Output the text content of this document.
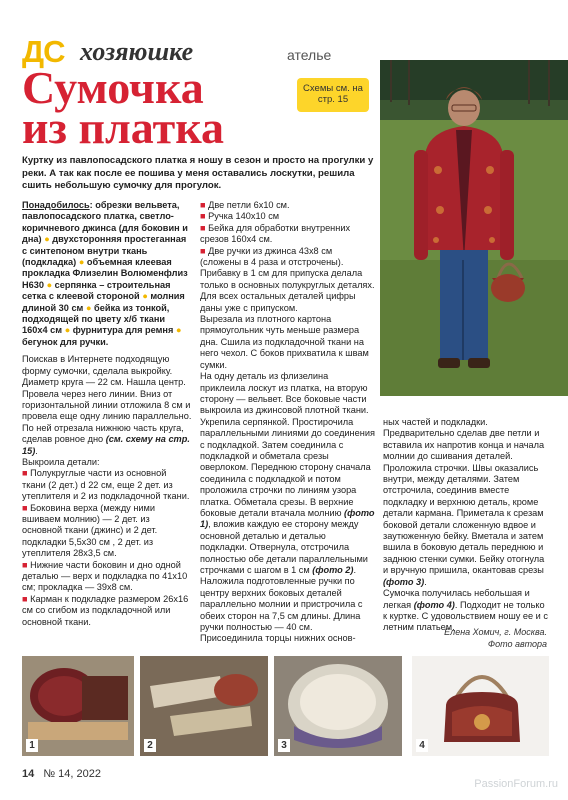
ДС хозяюшке	ателье
Сумочка
из платка
Схемы см. на стр. 15
Куртку из павлопосадского платка я ношу в сезон и просто на прогулки у реки. А так как после ее пошива у меня оставались лоскутки, решила сшить небольшую сумочку для прогулок.

Понадобилось: обрезки вельвета, павлопосадского платка, светло-коричневого джинса (для боковин и дна) ● двухсторонняя простеганная с синтепоном внутри ткань (подкладка) ● объемная клеевая прокладка Флизелин Волюменфлиз Н630 ● серпянка – строительная сетка с клеевой стороной ● молния длиной 30 см ● бейка из тонкой, подходящей по цвету х/б ткани 160х4 см ● фурнитура для ремня ● бегунок для ручки.

Поискав в Интернете подходящую форму сумочки, сделала выкройку. Диаметр круга — 22 см. Нашла центр. Провела через него линии. Вниз от горизонтальной линии отложила 8 см и провела еще одну линию параллельно. По ней отрезала нижнюю часть круга, сделав ровное дно (см. схему на стр. 15).

Выкроила детали:

■ Полукруглые части из основной ткани (2 дет.) d 22 см, еще 2 дет. из утеплителя и 2 из подкладочной ткани.

■ Боковина верха (между ними вшиваем молнию) — 2 дет. из основной ткани (джинс) и 2 дет. подкладки 5,5х30 см , 2 дет. из утеплителя 28х3,5 см.

■ Нижние части боковин и дно одной деталью — верх и подкладка по 41х10 см; прокладка — 39х8 см.

■ Карман к подкладке размером 26х16 см со сгибом из подкладочной или основной ткани.

■ Две петли 6х10 см.

■ Ручка 140х10 см

■ Бейка для обработки внутренних срезов 160х4 см.

■ Две ручки из джинса 43х8 см (сложены в 4 раза и отстрочены).

Прибавку в 1 см для припуска делала только в основных полукруглых деталях. Для всех остальных деталей цифры даны уже с припуском.

Вырезала из плотного картона прямоугольник чуть меньше размера дна. Сшила из подкладочной ткани на него чехол. С боков прихватила к швам сумки.

На одну деталь из флизелина приклеила лоскут из платка, на вторую сторону — вельвет. Все боковые части выкроила из джинсовой плотной ткани. Укрепила серпянкой. Простирочила параллельными линиями до соединения с подкладкой. Затем соединила с подкладкой и обметала срезы оверлоком. Переднюю сторону сначала соединила с подкладкой и потом проложила строчки по линиям узора платка. Обметала срезы. В верхние боковые детали втачала молнию (фото 1), вложив каждую ее сторону между основной деталью и деталью подкладки. Отвернула, отстрочила полностью обе детали параллельными строчками с шагом в 1 см (фото 2). Наложила подготовленные ручки по центру верхних боковых деталей параллельно молнии и пристрочила с обеих сторон на 7,5 см длины. Длина ручки полностью — 40 см.

Присоединила торцы нижних основ-

ных частей и подкладки. Предварительно сделав две петли и вставила их напротив конца и начала молнии до сшивания деталей. Проложила строчки. Швы оказались внутри, между деталями. Затем отстрочила, соединив вместе подкладку и верхнюю деталь, кроме детали кармана. Приметала к срезам боковой детали сложенную вдвое и заутюженную бейку. Вметала и затем вшила в боковую деталь переднюю и заднюю стенки сумки. Бейку отогнула и вручную пришила, окантовав срезы (фото 3).

Сумочка получилась небольшая и легкая (фото 4). Подходит не только к куртке. С удовольствием ношу ее и с летним платьем.

Елена Хомич, г. Москва.
Фото автора
1	2	3	4
14 № 14, 2022
PassionForum.ru
